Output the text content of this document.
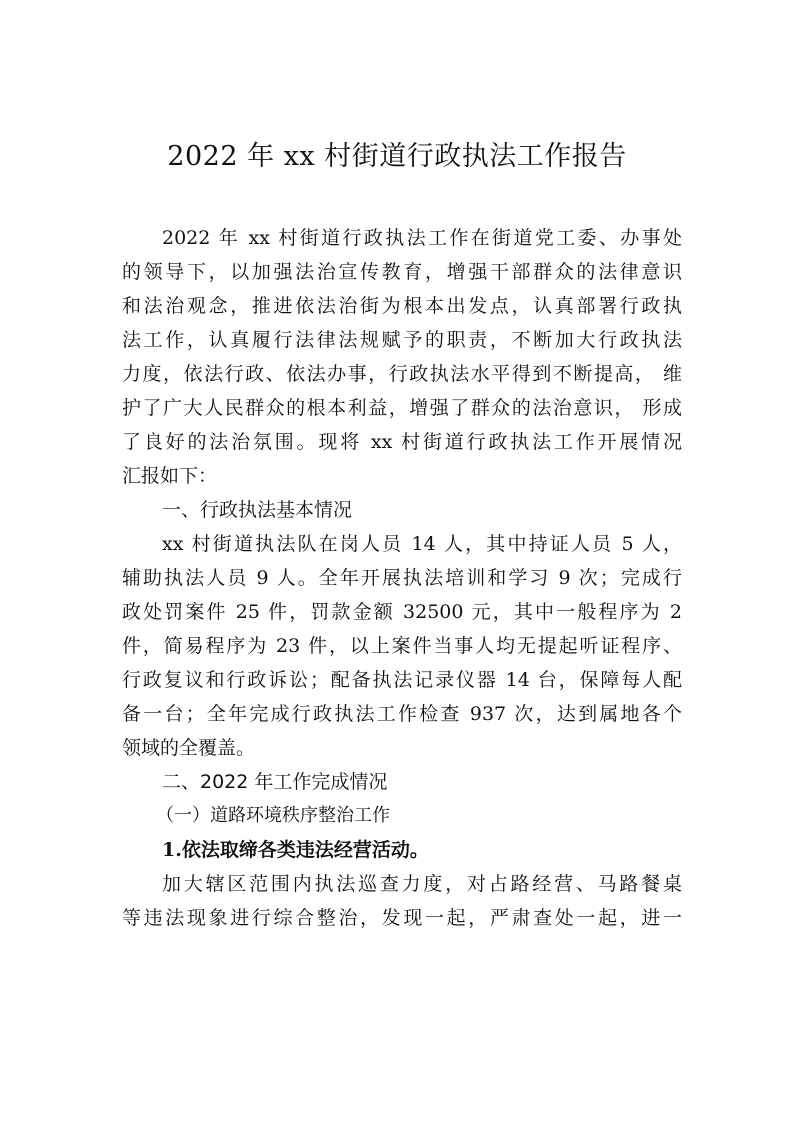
2022 年 xx 村街道行政执法工作报告
2022 年 xx 村街道行政执法工作在街道党工委、办事处
的领导下，以加强法治宣传教育，增强干部群众的法律意识
和法治观念，推进依法治街为根本出发点，认真部署行政执
法工作，认真履行法律法规赋予的职责，不断加大行政执法
力度，依法行政、依法办事，行政执法水平得到不断提高， 维
护了广大人民群众的根本利益，增强了群众的法治意识， 形成
了良好的法治氛围。现将 xx 村街道行政执法工作开展情况
汇报如下：
一、行政执法基本情况
xx 村街道执法队在岗人员 14 人，其中持证人员 5 人，
辅助执法人员 9 人。全年开展执法培训和学习 9 次；完成行
政处罚案件 25 件，罚款金额 32500 元，其中一般程序为 2
件，简易程序为 23 件，以上案件当事人均无提起听证程序、
行政复议和行政诉讼；配备执法记录仪器 14 台，保障每人配
备一台；全年完成行政执法工作检查 937 次，达到属地各个
领域的全覆盖。
二、2022 年工作完成情况
（一）道路环境秩序整治工作
1.依法取缔各类违法经营活动。
加大辖区范围内执法巡查力度，对占路经营、马路餐桌
等违法现象进行综合整治，发现一起，严肃查处一起，进一
